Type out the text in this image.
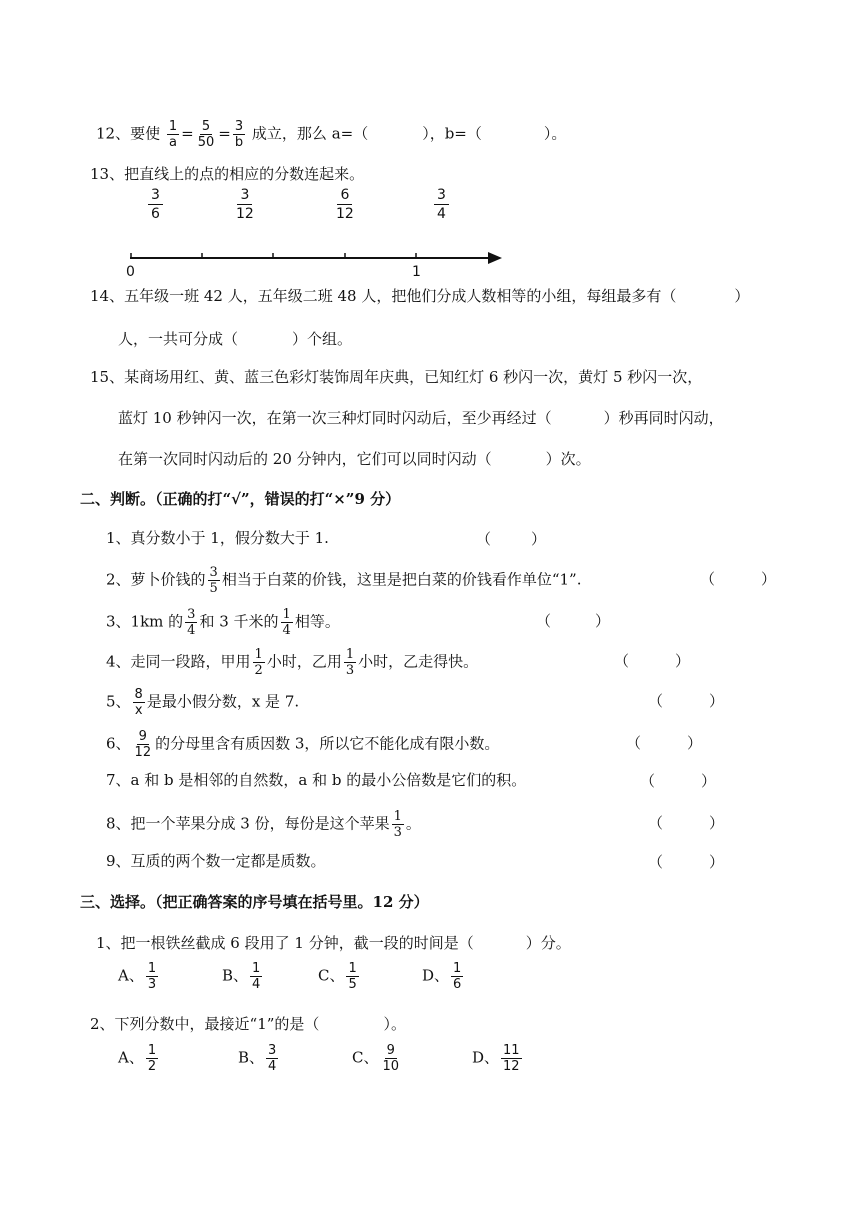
12、要使 $\frac{1}{a} = \frac{5}{50} = \frac{3}{b}$ 成立，那么 a=（	），b=（	）。
13、把直线上的点的相应的分数连起来。
$\frac{3}{6}$	$\frac{3}{12}$	$\frac{6}{12}$	$\frac{3}{4}$
0	1
14、五年级一班 42 人，五年级二班 48 人，把他们分成人数相等的小组，每组最多有（	）
人，一共可分成（	）个组。
15、某商场用红、黄、蓝三色彩灯装饰周年庆典，已知红灯 6 秒闪一次，黄灯 5 秒闪一次，
蓝灯 10 秒钟闪一次，在第一次三种灯同时闪动后，至少再经过（	）秒再同时闪动，
在第一次同时闪动后的 20 分钟内，它们可以同时闪动（	）次。
二、判断。（正确的打“√”，错误的打“×”9 分）
1、真分数小于 1，假分数大于 1.	（	）
2、萝卜价钱的 $\frac{3}{5}$ 相当于白菜的价钱，这里是把白菜的价钱看作单位“1”.	（	）
3、1km 的 $\frac{3}{4}$ 和 3 千米的 $\frac{1}{4}$ 相等。	（	）
4、走同一段路，甲用 $\frac{1}{2}$ 小时，乙用 $\frac{1}{3}$ 小时，乙走得快。	（	）
5、 $\frac{8}{x}$ 是最小假分数，x 是 7.	（	）
6、 $\frac{9}{12}$ 的分母里含有质因数 3，所以它不能化成有限小数。	（	）
7、a 和 b 是相邻的自然数，a 和 b 的最小公倍数是它们的积。	（	）
8、把一个苹果分成 3 份，每份是这个苹果 $\frac{1}{3}$ 。	（	）
9、互质的两个数一定都是质数。	（	）
三、选择。（把正确答案的序号填在括号里。12 分）
1、把一根铁丝截成 6 段用了 1 分钟，截一段的时间是（	）分。
A、 $\frac{1}{3}$	B、 $\frac{1}{4}$	C、 $\frac{1}{5}$	D、 $\frac{1}{6}$
2、下列分数中，最接近“1”的是（	）。
A、 $\frac{1}{2}$	B、 $\frac{3}{4}$	C、 $\frac{9}{10}$	D、 $\frac{11}{12}$
